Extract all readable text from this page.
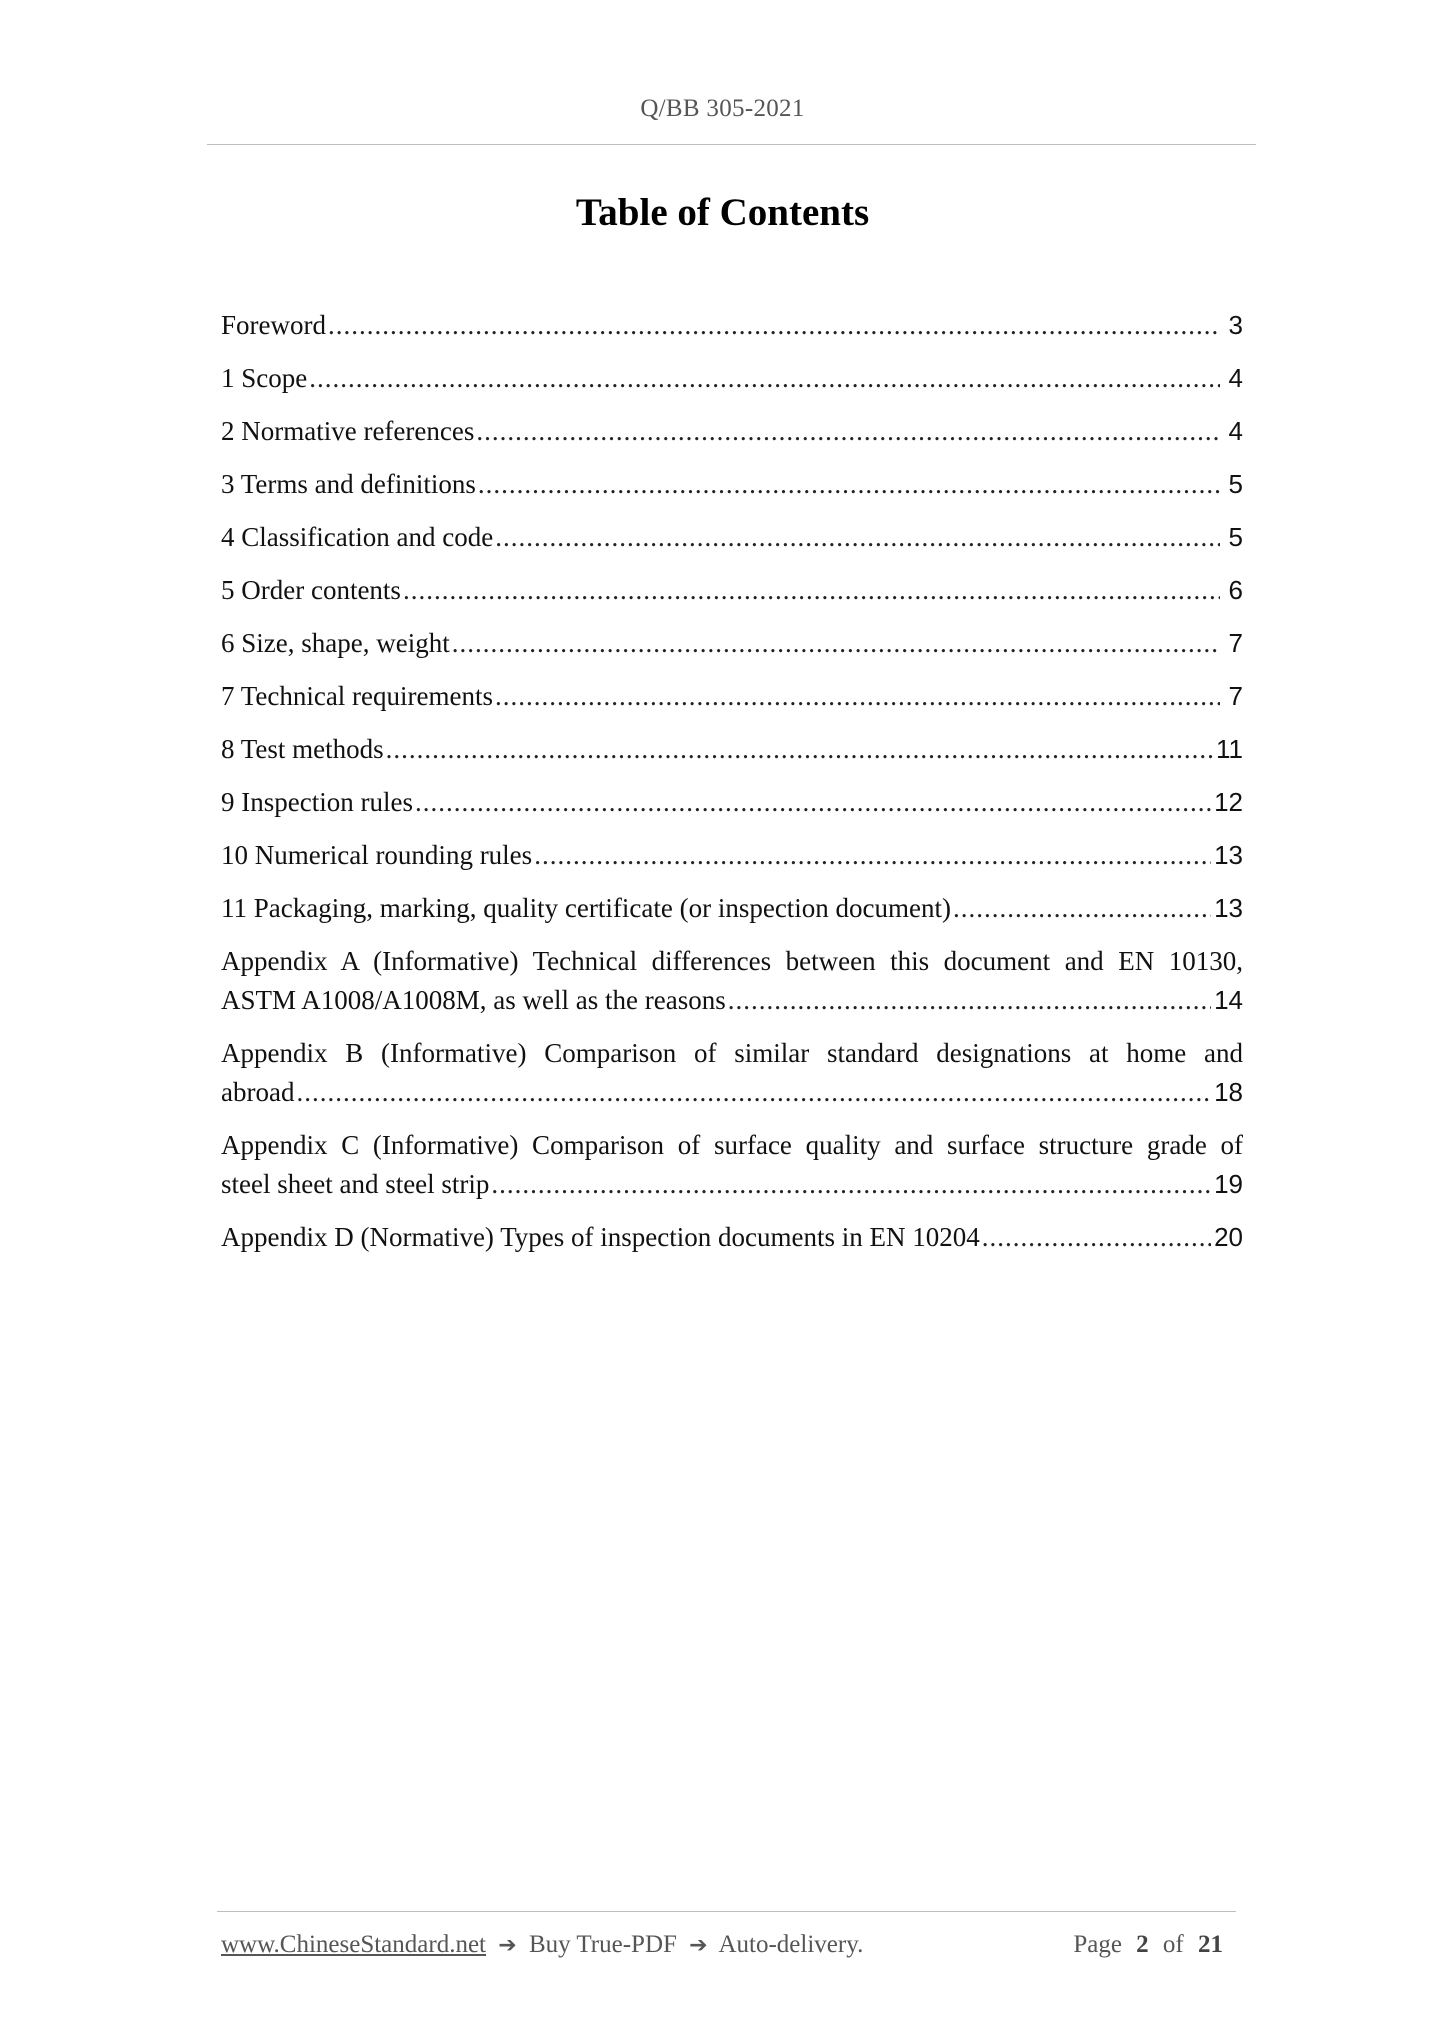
Q/BB 305-2021
Table of Contents
Foreword .....	3
1 Scope .....	4
2 Normative references .....	4
3 Terms and definitions .....	5
4 Classification and code .....	5
5 Order contents .....	6
6 Size, shape, weight .....	7
7 Technical requirements .....	7
8 Test methods .....	11
9 Inspection rules .....	12
10 Numerical rounding rules .....	13
11 Packaging, marking, quality certificate (or inspection document) .....	13
Appendix A (Informative) Technical differences between this document and EN 10130,
ASTM A1008/A1008M, as well as the reasons .....	14
Appendix B (Informative) Comparison of similar standard designations at home and
abroad .....	18
Appendix C (Informative) Comparison of surface quality and surface structure grade of
steel sheet and steel strip .....	19
Appendix D (Normative) Types of inspection documents in EN 10204 .....	20
www.ChineseStandard.net ➔ Buy True-PDF ➔ Auto-delivery.	Page 2 of 21
